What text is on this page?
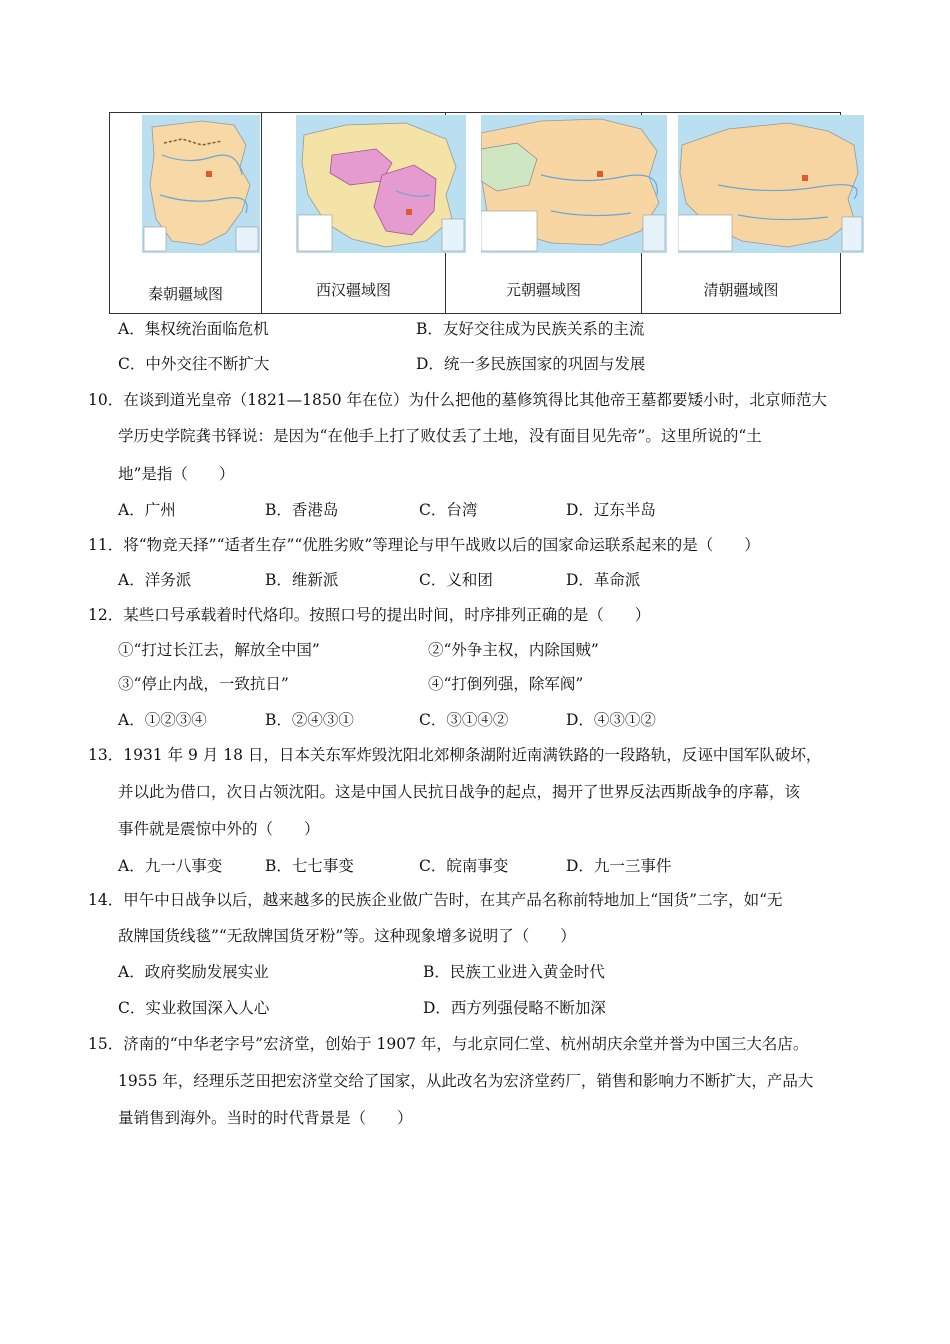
秦朝疆域图	西汉疆域图	元朝疆域图	清朝疆域图
A．集权统治面临危机	B．友好交往成为民族关系的主流
C．中外交往不断扩大	D．统一多民族国家的巩固与发展
10．在谈到道光皇帝（1821—1850 年在位）为什么把他的墓修筑得比其他帝王墓都要矮小时，北京师范大
学历史学院龚书铎说：是因为“在他手上打了败仗丢了土地，没有面目见先帝”。这里所说的“土
地”是指（　　）
A．广州	B．香港岛	C．台湾	D．辽东半岛
11．将“物竞天择”“适者生存”“优胜劣败”等理论与甲午战败以后的国家命运联系起来的是（　　）
A．洋务派	B．维新派	C．义和团	D．革命派
12．某些口号承载着时代烙印。按照口号的提出时间，时序排列正确的是（　　）
①“打过长江去，解放全中国”	②“外争主权，内除国贼”
③“停止内战，一致抗日”	④“打倒列强，除军阀”
A．①②③④	B．②④③①	C．③①④②	D．④③①②
13．1931 年 9 月 18 日，日本关东军炸毁沈阳北郊柳条湖附近南满铁路的一段路轨，反诬中国军队破坏，
并以此为借口，次日占领沈阳。这是中国人民抗日战争的起点，揭开了世界反法西斯战争的序幕，该
事件就是震惊中外的（　　）
A．九一八事变	B．七七事变	C．皖南事变	D．九一三事件
14．甲午中日战争以后，越来越多的民族企业做广告时，在其产品名称前特地加上“国货”二字，如“无
敌牌国货线毯”“无敌牌国货牙粉”等。这种现象增多说明了（　　）
A．政府奖励发展实业	B．民族工业进入黄金时代
C．实业救国深入人心	D．西方列强侵略不断加深
15．济南的“中华老字号”宏济堂，创始于 1907 年，与北京同仁堂、杭州胡庆余堂并誉为中国三大名店。
1955 年，经理乐芝田把宏济堂交给了国家，从此改名为宏济堂药厂，销售和影响力不断扩大，产品大
量销售到海外。当时的时代背景是（　　）
